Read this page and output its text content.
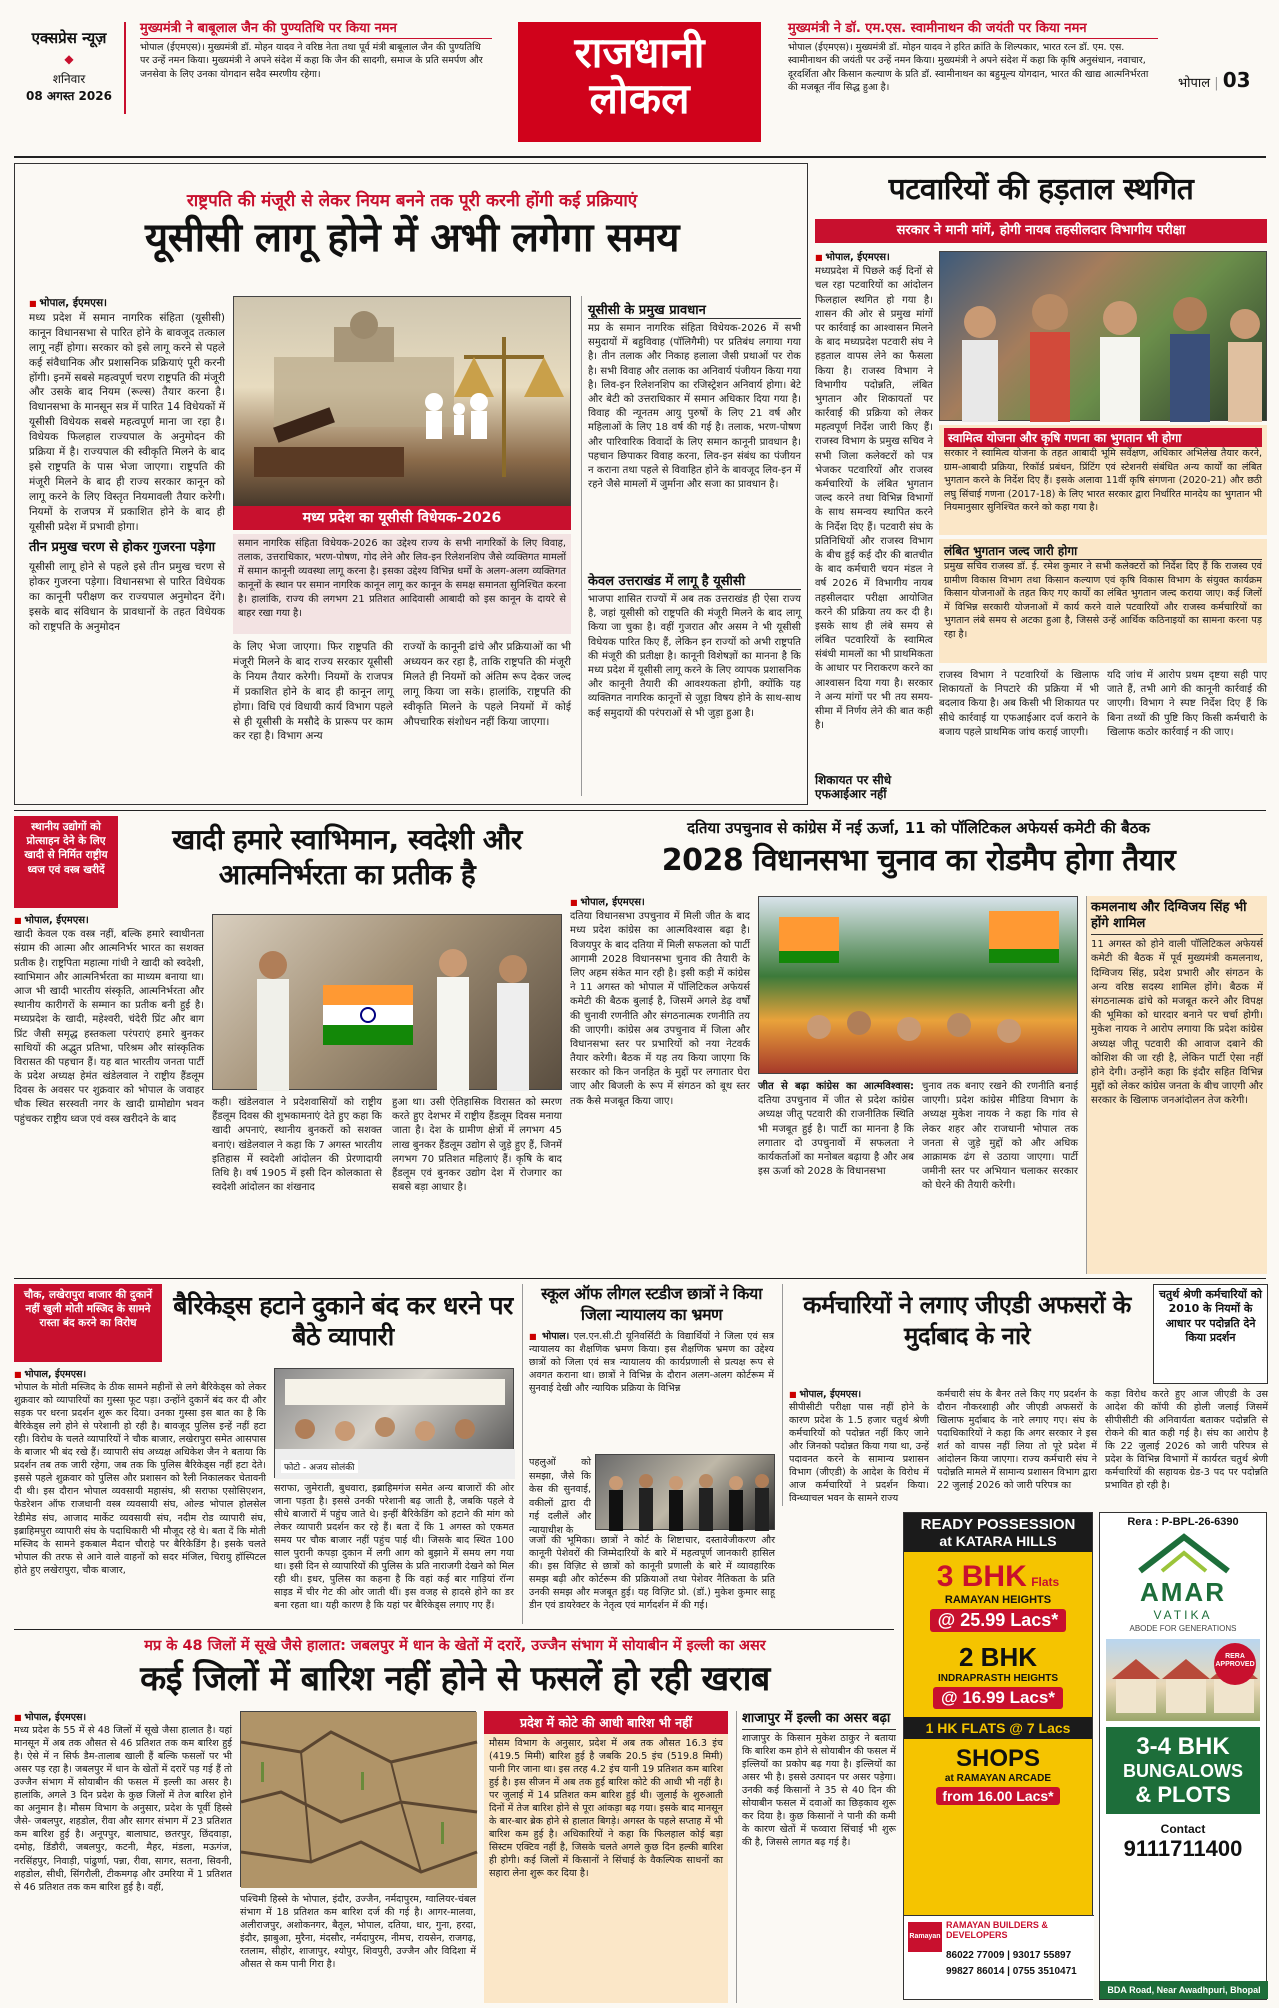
एक्सप्रेस न्यूज़
◆
शनिवार
08 अगस्त 2026
मुख्यमंत्री ने बाबूलाल जैन की पुण्यतिथि पर किया नमन
भोपाल (ईएमएस)। मुख्यमंत्री डॉ. मोहन यादव ने वरिष्ठ नेता तथा पूर्व मंत्री बाबूलाल जैन की पुण्यतिथि पर उन्हें नमन किया। मुख्यमंत्री ने अपने संदेश में कहा कि जैन की सादगी, समाज के प्रति समर्पण और जनसेवा के लिए उनका योगदान सदैव स्मरणीय रहेगा।	राजधानी
लोकल
मुख्यमंत्री ने डॉ. एम.एस. स्वामीनाथन की जयंती पर किया नमन
भोपाल (ईएमएस)। मुख्यमंत्री डॉ. मोहन यादव ने हरित क्रांति के शिल्पकार, भारत रत्न डॉ. एम. एस. स्वामीनाथन की जयंती पर उन्हें नमन किया। मुख्यमंत्री ने अपने संदेश में कहा कि कृषि अनुसंधान, नवाचार, दूरदर्शिता और किसान कल्याण के प्रति डॉ. स्वामीनाथन का बहुमूल्य योगदान, भारत की खाद्य आत्मनिर्भरता की मजबूत नींव सिद्ध हुआ है।	भोपाल | 03
राष्ट्रपति की मंजूरी से लेकर नियम बनने तक पूरी करनी होंगी कई प्रक्रियाएं
यूसीसी लागू होने में अभी लगेगा समय
■ भोपाल, ईएमएस।
मध्य प्रदेश में समान नागरिक संहिता (यूसीसी) कानून विधानसभा से पारित होने के बावजूद तत्काल लागू नहीं होगा। सरकार को इसे लागू करने से पहले कई संवैधानिक और प्रशासनिक प्रक्रियाएं पूरी करनी होंगी। इनमें सबसे महत्वपूर्ण चरण राष्ट्रपति की मंजूरी और उसके बाद नियम (रूल्स) तैयार करना है। विधानसभा के मानसून सत्र में पारित 14 विधेयकों में यूसीसी विधेयक सबसे महत्वपूर्ण माना जा रहा है। विधेयक फिलहाल राज्यपाल के अनुमोदन की प्रक्रिया में है। राज्यपाल की स्वीकृति मिलने के बाद इसे राष्ट्रपति के पास भेजा जाएगा। राष्ट्रपति की मंजूरी मिलने के बाद ही राज्य सरकार कानून को लागू करने के लिए विस्तृत नियमावली तैयार करेगी। नियमों के राजपत्र में प्रकाशित होने के बाद ही यूसीसी प्रदेश में प्रभावी होगा।
तीन प्रमुख चरण से होकर गुजरना पड़ेगा
यूसीसी लागू होने से पहले इसे तीन प्रमुख चरण से होकर गुजरना पड़ेगा। विधानसभा से पारित विधेयक का कानूनी परीक्षण कर राज्यपाल अनुमोदन देंगे। इसके बाद संविधान के प्रावधानों के तहत विधेयक को राष्ट्रपति के अनुमोदन
मध्य प्रदेश का यूसीसी विधेयक-2026
समान नागरिक संहिता विधेयक-2026 का उद्देश्य राज्य के सभी नागरिकों के लिए विवाह, तलाक, उत्तराधिकार, भरण-पोषण, गोद लेने और लिव-इन रिलेशनशिप जैसे व्यक्तिगत मामलों में समान कानूनी व्यवस्था लागू करना है। इसका उद्देश्य विभिन्न धर्मों के अलग-अलग व्यक्तिगत कानूनों के स्थान पर समान नागरिक कानून लागू कर कानून के समक्ष समानता सुनिश्चित करना है। हालांकि, राज्य की लगभग 21 प्रतिशत आदिवासी आबादी को इस कानून के दायरे से बाहर रखा गया है।
के लिए भेजा जाएगा। फिर राष्ट्रपति की मंजूरी मिलने के बाद राज्य सरकार यूसीसी के नियम तैयार करेगी। नियमों के राजपत्र में प्रकाशित होने के बाद ही कानून लागू होगा। विधि एवं विधायी कार्य विभाग पहले से ही यूसीसी के मसौदे के प्रारूप पर काम कर रहा है। विभाग अन्य
राज्यों के कानूनी ढांचे और प्रक्रियाओं का भी अध्ययन कर रहा है, ताकि राष्ट्रपति की मंजूरी मिलते ही नियमों को अंतिम रूप देकर जल्द लागू किया जा सके। हालांकि, राष्ट्रपति की स्वीकृति मिलने के पहले नियमों में कोई औपचारिक संशोधन नहीं किया जाएगा।
यूसीसी के प्रमुख प्रावधान
मप्र के समान नागरिक संहिता विधेयक-2026 में सभी समुदायों में बहुविवाह (पॉलिगैमी) पर प्रतिबंध लगाया गया है। तीन तलाक और निकाह हलाला जैसी प्रथाओं पर रोक है। सभी विवाह और तलाक का अनिवार्य पंजीयन किया गया है। लिव-इन रिलेशनशिप का रजिस्ट्रेशन अनिवार्य होगा। बेटे और बेटी को उत्तराधिकार में समान अधिकार दिया गया है। विवाह की न्यूनतम आयु पुरुषों के लिए 21 वर्ष और महिलाओं के लिए 18 वर्ष की गई है। तलाक, भरण-पोषण और पारिवारिक विवादों के लिए समान कानूनी प्रावधान है। पहचान छिपाकर विवाह करना, लिव-इन संबंध का पंजीयन न कराना तथा पहले से विवाहित होने के बावजूद लिव-इन में रहने जैसे मामलों में जुर्माना और सजा का प्रावधान है।
केवल उत्तराखंड में लागू है यूसीसी
भाजपा शासित राज्यों में अब तक उत्तराखंड ही ऐसा राज्य है, जहां यूसीसी को राष्ट्रपति की मंजूरी मिलने के बाद लागू किया जा चुका है। वहीं गुजरात और असम ने भी यूसीसी विधेयक पारित किए हैं, लेकिन इन राज्यों को अभी राष्ट्रपति की मंजूरी की प्रतीक्षा है। कानूनी विशेषज्ञों का मानना है कि मध्य प्रदेश में यूसीसी लागू करने के लिए व्यापक प्रशासनिक और कानूनी तैयारी की आवश्यकता होगी, क्योंकि यह व्यक्तिगत नागरिक कानूनों से जुड़ा विषय होने के साथ-साथ कई समुदायों की परंपराओं से भी जुड़ा हुआ है।
पटवारियों की हड़ताल स्थगित
सरकार ने मानी मांगें, होगी नायब तहसीलदार विभागीय परीक्षा
■ भोपाल, ईएमएस।
मध्यप्रदेश में पिछले कई दिनों से चल रहा पटवारियों का आंदोलन फिलहाल स्थगित हो गया है। शासन की ओर से प्रमुख मांगों पर कार्रवाई का आश्वासन मिलने के बाद मध्यप्रदेश पटवारी संघ ने हड़ताल वापस लेने का फैसला किया है। राजस्व विभाग ने विभागीय पदोन्नति, लंबित भुगतान और शिकायतों पर कार्रवाई की प्रक्रिया को लेकर महत्वपूर्ण निर्देश जारी किए हैं। राजस्व विभाग के प्रमुख सचिव ने सभी जिला कलेक्टरों को पत्र भेजकर पटवारियों और राजस्व कर्मचारियों के लंबित भुगतान जल्द करने तथा विभिन्न विभागों के साथ समन्वय स्थापित करने के निर्देश दिए हैं। पटवारी संघ के प्रतिनिधियों और राजस्व विभाग के बीच हुई कई दौर की बातचीत के बाद कर्मचारी चयन मंडल ने वर्ष 2026 में विभागीय नायब तहसीलदार परीक्षा आयोजित करने की प्रक्रिया तय कर दी है। इसके साथ ही लंबे समय से लंबित पटवारियों के स्वामित्व संबंधी मामलों का भी प्राथमिकता के आधार पर निराकरण करने का आश्वासन दिया गया है। सरकार ने अन्य मांगों पर भी तय समय-सीमा में निर्णय लेने की बात कही है।
स्वामित्व योजना और कृषि गणना का भुगतान भी होगा
सरकार ने स्वामित्व योजना के तहत आबादी भूमि सर्वेक्षण, अधिकार अभिलेख तैयार करने, ग्राम-आबादी प्रक्रिया, रिकॉर्ड प्रबंधन, प्रिंटिंग एवं स्टेशनरी संबंधित अन्य कार्यों का लंबित भुगतान करने के निर्देश दिए हैं। इसके अलावा 11वीं कृषि संगणना (2020-21) और छठी लघु सिंचाई गणना (2017-18) के लिए भारत सरकार द्वारा निर्धारित मानदेय का भुगतान भी नियमानुसार सुनिश्चित करने को कहा गया है।
लंबित भुगतान जल्द जारी होगा
प्रमुख सचिव राजस्व डॉ. ई. रमेश कुमार ने सभी कलेक्टरों को निर्देश दिए हैं कि राजस्व एवं ग्रामीण विकास विभाग तथा किसान कल्याण एवं कृषि विकास विभाग के संयुक्त कार्यक्रम किसान योजनाओं के तहत किए गए कार्यों का लंबित भुगतान जल्द कराया जाए। कई जिलों में विभिन्न सरकारी योजनाओं में कार्य करने वाले पटवारियों और राजस्व कर्मचारियों का भुगतान लंबे समय से अटका हुआ है, जिससे उन्हें आर्थिक कठिनाइयों का सामना करना पड़ रहा है।
राजस्व विभाग ने पटवारियों के खिलाफ शिकायतों के निपटारे की प्रक्रिया में भी बदलाव किया है। अब किसी भी शिकायत पर सीधे कार्रवाई या एफआईआर दर्ज कराने के बजाय पहले प्राथमिक जांच कराई जाएगी।
यदि जांच में आरोप प्रथम दृष्टया सही पाए जाते हैं, तभी आगे की कानूनी कार्रवाई की जाएगी। विभाग ने स्पष्ट निर्देश दिए हैं कि बिना तथ्यों की पुष्टि किए किसी कर्मचारी के खिलाफ कठोर कार्रवाई न की जाए।
शिकायत पर सीधे एफआईआर नहीं
स्थानीय उद्योगों को प्रोत्साहन देने के लिए खादी से निर्मित राष्ट्रीय ध्वज एवं वस्त्र खरीदें
खादी हमारे स्वाभिमान, स्वदेशी और आत्मनिर्भरता का प्रतीक है
■ भोपाल, ईएमएस।
खादी केवल एक वस्त्र नहीं, बल्कि हमारे स्वाधीनता संग्राम की आत्मा और आत्मनिर्भर भारत का सशक्त प्रतीक है। राष्ट्रपिता महात्मा गांधी ने खादी को स्वदेशी, स्वाभिमान और आत्मनिर्भरता का माध्यम बनाया था। आज भी खादी भारतीय संस्कृति, आत्मनिर्भरता और स्थानीय कारीगरों के सम्मान का प्रतीक बनी हुई है। मध्यप्रदेश के खादी, महेश्वरी, चंदेरी प्रिंट और बाग प्रिंट जैसी समृद्ध हस्तकला परंपराएं हमारे बुनकर साथियों की अद्भुत प्रतिभा, परिश्रम और सांस्कृतिक विरासत की पहचान हैं। यह बात भारतीय जनता पार्टी के प्रदेश अध्यक्ष हेमंत खंडेलवाल ने राष्ट्रीय हैंडलूम दिवस के अवसर पर शुक्रवार को भोपाल के जवाहर चौक स्थित सरस्वती नगर के खादी ग्रामोद्योग भवन पहुंचकर राष्ट्रीय ध्वज एवं वस्त्र खरीदने के बाद
कही। खंडेलवाल ने प्रदेशवासियों को राष्ट्रीय हैंडलूम दिवस की शुभकामनाएं देते हुए कहा कि खादी अपनाएं, स्थानीय बुनकरों को सशक्त बनाएं। खंडेलवाल ने कहा कि 7 अगस्त भारतीय इतिहास में स्वदेशी आंदोलन की प्रेरणादायी तिथि है। वर्ष 1905 में इसी दिन कोलकाता से स्वदेशी आंदोलन का शंखनाद
हुआ था। उसी ऐतिहासिक विरासत को स्मरण करते हुए देशभर में राष्ट्रीय हैंडलूम दिवस मनाया जाता है। देश के ग्रामीण क्षेत्रों में लगभग 45 लाख बुनकर हैंडलूम उद्योग से जुड़े हुए हैं, जिनमें लगभग 70 प्रतिशत महिलाएं हैं। कृषि के बाद हैंडलूम एवं बुनकर उद्योग देश में रोजगार का सबसे बड़ा आधार है।
दतिया उपचुनाव से कांग्रेस में नई ऊर्जा, 11 को पॉलिटिकल अफेयर्स कमेटी की बैठक
2028 विधानसभा चुनाव का रोडमैप होगा तैयार
■ भोपाल, ईएमएस।
दतिया विधानसभा उपचुनाव में मिली जीत के बाद मध्य प्रदेश कांग्रेस का आत्मविश्वास बढ़ा है। विजयपुर के बाद दतिया में मिली सफलता को पार्टी आगामी 2028 विधानसभा चुनाव की तैयारी के लिए अहम संकेत मान रही है। इसी कड़ी में कांग्रेस ने 11 अगस्त को भोपाल में पॉलिटिकल अफेयर्स कमेटी की बैठक बुलाई है, जिसमें अगले डेढ़ वर्षों की चुनावी रणनीति और संगठनात्मक रणनीति तय की जाएगी। कांग्रेस अब उपचुनाव में जिला और विधानसभा स्तर पर प्रभारियों को नया नेटवर्क तैयार करेगी। बैठक में यह तय किया जाएगा कि सरकार को किन जनहित के मुद्दों पर लगातार घेरा जाए और बिजली के रूप में संगठन को बूथ स्तर तक कैसे मजबूत किया जाए।
जीत से बढ़ा कांग्रेस का आत्मविश्वास: दतिया उपचुनाव में जीत से प्रदेश कांग्रेस अध्यक्ष जीतू पटवारी की राजनीतिक स्थिति भी मजबूत हुई है। पार्टी का मानना है कि लगातार दो उपचुनावों में सफलता ने कार्यकर्ताओं का मनोबल बढ़ाया है और अब इस ऊर्जा को 2028 के विधानसभा
चुनाव तक बनाए रखने की रणनीति बनाई जाएगी। प्रदेश कांग्रेस मीडिया विभाग के अध्यक्ष मुकेश नायक ने कहा कि गांव से लेकर शहर और राजधानी भोपाल तक जनता से जुड़े मुद्दों को और अधिक आक्रामक ढंग से उठाया जाएगा। पार्टी जमीनी स्तर पर अभियान चलाकर सरकार को घेरने की तैयारी करेगी।
कमलनाथ और दिग्विजय सिंह भी होंगे शामिल
11 अगस्त को होने वाली पॉलिटिकल अफेयर्स कमेटी की बैठक में पूर्व मुख्यमंत्री कमलनाथ, दिग्विजय सिंह, प्रदेश प्रभारी और संगठन के अन्य वरिष्ठ सदस्य शामिल होंगे। बैठक में संगठनात्मक ढांचे को मजबूत करने और विपक्ष की भूमिका को धारदार बनाने पर चर्चा होगी। मुकेश नायक ने आरोप लगाया कि प्रदेश कांग्रेस अध्यक्ष जीतू पटवारी की आवाज दबाने की कोशिश की जा रही है, लेकिन पार्टी ऐसा नहीं होने देगी। उन्होंने कहा कि इंदौर सहित विभिन्न मुद्दों को लेकर कांग्रेस जनता के बीच जाएगी और सरकार के खिलाफ जनआंदोलन तेज करेगी।
चौक, लखेरापुरा बाजार की दुकानें नहीं खुली मोती मस्जिद के सामने रास्ता बंद करने का विरोध
बैरिकेड्स हटाने दुकाने बंद कर धरने पर बैठे व्यापारी
■ भोपाल, ईएमएस।
भोपाल के मोती मस्जिद के ठीक सामने महीनों से लगे बैरिकेड्स को लेकर शुक्रवार को व्यापारियों का गुस्सा फूट पड़ा। उन्होंने दुकानें बंद कर दी और सड़क पर धरना प्रदर्शन शुरू कर दिया। उनका गुस्सा इस बात का है कि बैरिकेड्स लगे होने से परेशानी हो रही है। बावजूद पुलिस इन्हें नहीं हटा रही। विरोध के चलते व्यापारियों ने चौक बाजार, लखेरापुरा समेत आसपास के बाजार भी बंद रखे हैं। व्यापारी संघ अध्यक्ष अधिकेश जैन ने बताया कि प्रदर्शन तब तक जारी रहेगा, जब तक कि पुलिस बैरिकेड्स नहीं हटा देते। इससे पहले शुक्रवार को पुलिस और प्रशासन को रैली निकालकर चेतावनी दी थी। इस दौरान भोपाल व्यवसायी महासंघ, श्री सराफा एसोसिएशन, फेडरेशन ऑफ राजधानी वस्त्र व्यवसायी संघ, ओल्ड भोपाल होलसेल रेडीमेड संघ, आजाद मार्केट व्यवसायी संघ, नदीम रोड व्यापारी संघ, इब्राहिमपुरा व्यापारी संघ के पदाधिकारी भी मौजूद रहे थे। बता दें कि मोती मस्जिद के सामने इकबाल मैदान चौराहे पर बैरिकेडिंग है। इसके चलते भोपाल की तरफ से आने वाले वाहनों को सदर मंजिल, चिरायु हॉस्पिटल होते हुए लखेरापुरा, चौक बाजार,
फोटो - अजय सोलंकी
सराफा, जुमेराती, बुधवारा, इब्राहिमगंज समेत अन्य बाजारों की ओर जाना पड़ता है। इससे उनकी परेशानी बढ़ जाती है, जबकि पहले वे सीधे बाजारों में पहुंच जाते थे। इन्हीं बैरिकेडिंग को हटाने की मांग को लेकर व्यापारी प्रदर्शन कर रहे हैं। बता दें कि 1 अगस्त को एकमत समय पर चौक बाजार नहीं पहुंच पाई थी। जिसके बाद स्थित 100 साल पुरानी कपड़ा दुकान में लगी आग को बुझाने में समय लग गया था। इसी दिन से व्यापारियों की पुलिस के प्रति नाराजगी देखने को मिल रही थी। इधर, पुलिस का कहना है कि वहां कई बार गाड़ियां रॉन्ग साइड में चीर गेट की ओर जाती थीं। इस वजह से हादसे होने का डर बना रहता था। यही कारण है कि यहां पर बैरिकेड्स लगाए गए हैं।
स्कूल ऑफ लीगल स्टडीज छात्रों ने किया जिला न्यायालय का भ्रमण
■ भोपाल। एल.एन.सी.टी यूनिवर्सिटी के विद्यार्थियों ने जिला एवं सत्र न्यायालय का शैक्षणिक भ्रमण किया। इस शैक्षणिक भ्रमण का उद्देश्य छात्रों को जिला एवं सत्र न्यायालय की कार्यप्रणाली से प्रत्यक्ष रूप से अवगत कराना था। छात्रों ने विभिन्न के दौरान अलग-अलग कोर्टरूम में सुनवाई देखी और न्यायिक प्रक्रिया के विभिन्न
पहलुओं को समझा, जैसे कि केस की सुनवाई, वकीलों द्वारा दी गई दलीलें और न्यायाधीश के
जजों की भूमिका। छात्रों ने कोर्ट के शिष्टाचार, दस्तावेजीकरण और कानूनी पेशेवरों की जिम्मेदारियों के बारे में महत्वपूर्ण जानकारी हासिल की। इस विज़िट से छात्रों को कानूनी प्रणाली के बारे में व्यावहारिक समझ बढ़ी और कोर्टरूम की प्रक्रियाओं तथा पेशेवर नैतिकता के प्रति उनकी समझ और मजबूत हुई। यह विज़िट प्रो. (डॉ.) मुकेश कुमार साहू डीन एवं डायरेक्टर के नेतृत्व एवं मार्गदर्शन में की गई।
कर्मचारियों ने लगाए जीएडी अफसरों के मुर्दाबाद के नारे
चतुर्थ श्रेणी कर्मचारियों को 2010 के नियमों के आधार पर पदोन्नति देने किया प्रदर्शन
■ भोपाल, ईएमएस।
सीपीसीटी परीक्षा पास नहीं होने के कारण प्रदेश के 1.5 हजार चतुर्थ श्रेणी कर्मचारियों को पदोन्नत नहीं किए जाने और जिनको पदोन्नत किया गया था, उन्हें पदावनत करने के सामान्य प्रशासन विभाग (जीएडी) के आदेश के विरोध में आज कर्मचारियों ने प्रदर्शन किया। विन्ध्याचल भवन के सामने राज्य
कर्मचारी संघ के बैनर तले किए गए प्रदर्शन के दौरान नौकरशाही और जीएडी अफसरों के खिलाफ मुर्दाबाद के नारे लगाए गए। संघ के पदाधिकारियों ने कहा कि अगर सरकार ने इस शर्त को वापस नहीं लिया तो पूरे प्रदेश में आंदोलन किया जाएगा। राज्य कर्मचारी संघ ने पदोन्नति मामले में सामान्य प्रशासन विभाग द्वारा 22 जुलाई 2026 को जारी परिपत्र का
कड़ा विरोध करते हुए आज जीएडी के उस आदेश की कॉपी की होली जलाई जिसमें सीपीसीटी की अनिवार्यता बताकर पदोन्नति से रोकने की बात कही गई है। संघ का आरोप है कि 22 जुलाई 2026 को जारी परिपत्र से प्रदेश के विभिन्न विभागों में कार्यरत चतुर्थ श्रेणी कर्मचारियों की सहायक ग्रेड-3 पद पर पदोन्नति प्रभावित हो रही है।
READY POSSESSION
at KATARA HILLS
3 BHK Flats
RAMAYAN HEIGHTS
@ 25.99 Lacs*
2 BHK
INDRAPRASTH HEIGHTS
@ 16.99 Lacs*
1 HK FLATS @ 7 Lacs
SHOPS
at RAMAYAN ARCADE
from 16.00 Lacs*
Ramayan
RAMAYAN BUILDERS & DEVELOPERS
86022 77009 | 93017 55897
99827 86014 | 0755 3510471
Rera : P-BPL-26-6390
AMAR
VATIKA
ABODE FOR GENERATIONS
RERA APPROVED
3-4 BHK
BUNGALOWS
& PLOTS
Contact
9111711400
BDA Road, Near Awadhpuri, Bhopal
मप्र के 48 जिलों में सूखे जैसे हालात: जबलपुर में धान के खेतों में दरारें, उज्जैन संभाग में सोयाबीन में इल्ली का असर
कई जिलों में बारिश नहीं होने से फसलें हो रही खराब
■ भोपाल, ईएमएस।
मध्य प्रदेश के 55 में से 48 जिलों में सूखे जैसा हालात है। यहां मानसून में अब तक औसत से 46 प्रतिशत तक कम बारिश हुई है। ऐसे में न सिर्फ डैम-तालाब खाली हैं बल्कि फसलों पर भी असर पड़ रहा है। जबलपुर में धान के खेतों में दरारें पड़ गई हैं तो उज्जैन संभाग में सोयाबीन की फसल में इल्ली का असर है। हालांकि, अगले 3 दिन प्रदेश के कुछ जिलों में तेज बारिश होने का अनुमान है। मौसम विभाग के अनुसार, प्रदेश के पूर्वी हिस्से जैसे- जबलपुर, शहडोल, रीवा और सागर संभाग में 23 प्रतिशत कम बारिश हुई है। अनूपपुर, बालाघाट, छतरपुर, छिंदवाड़ा, दमोह, डिंडौरी, जबलपुर, कटनी, मैहर, मंडला, मऊगंज, नरसिंहपुर, निवाड़ी, पांढुर्णा, पन्ना, रीवा, सागर, सतना, सिवनी, शहडोल, सीधी, सिंगरौली, टीकमगढ़ और उमरिया में 1 प्रतिशत से 46 प्रतिशत तक कम बारिश हुई है। वहीं,
पश्चिमी हिस्से के भोपाल, इंदौर, उज्जैन, नर्मदापुरम, ग्वालियर-चंबल संभाग में 18 प्रतिशत कम बारिश दर्ज की गई है। आगर-मालवा, अलीराजपुर, अशोकनगर, बैतूल, भोपाल, दतिया, धार, गुना, हरदा, इंदौर, झाबुआ, मुरैना, मंदसौर, नर्मदापुरम, नीमच, रायसेन, राजगढ़, रतलाम, सीहोर, शाजापुर, श्योपुर, शिवपुरी, उज्जैन और विदिशा में औसत से कम पानी गिरा है।
प्रदेश में कोटे की आधी बारिश भी नहीं
मौसम विभाग के अनुसार, प्रदेश में अब तक औसत 16.3 इंच (419.5 मिमी) बारिश हुई है जबकि 20.5 इंच (519.8 मिमी) पानी गिर जाना था। इस तरह 4.2 इंच यानी 19 प्रतिशत कम बारिश हुई है। इस सीजन में अब तक हुई बारिश कोटे की आधी भी नहीं है। पर जुलाई में 14 प्रतिशत कम बारिश हुई थी। जुलाई के शुरुआती दिनों में तेज बारिश होने से पूरा आंकड़ा बढ़ गया। इसके बाद मानसून के बार-बार ब्रेक होने से हालात बिगड़े। अगस्त के पहले सप्ताह में भी बारिश कम हुई है। अधिकारियों ने कहा कि फिलहाल कोई बड़ा सिस्टम एक्टिव नहीं है, जिसके चलते अगले कुछ दिन हल्की बारिश ही होगी। कई जिलों में किसानों ने सिंचाई के वैकल्पिक साधनों का सहारा लेना शुरू कर दिया है।
शाजापुर में इल्ली का असर बढ़ा
शाजापुर के किसान मुकेश ठाकुर ने बताया कि बारिश कम होने से सोयाबीन की फसल में इल्लियों का प्रकोप बढ़ गया है। इल्लियों का असर भी है। इससे उत्पादन पर असर पड़ेगा। उनकी कई किसानों ने 35 से 40 दिन की सोयाबीन फसल में दवाओं का छिड़काव शुरू कर दिया है। कुछ किसानों ने पानी की कमी के कारण खेतों में फव्वारा सिंचाई भी शुरू की है, जिससे लागत बढ़ गई है।
